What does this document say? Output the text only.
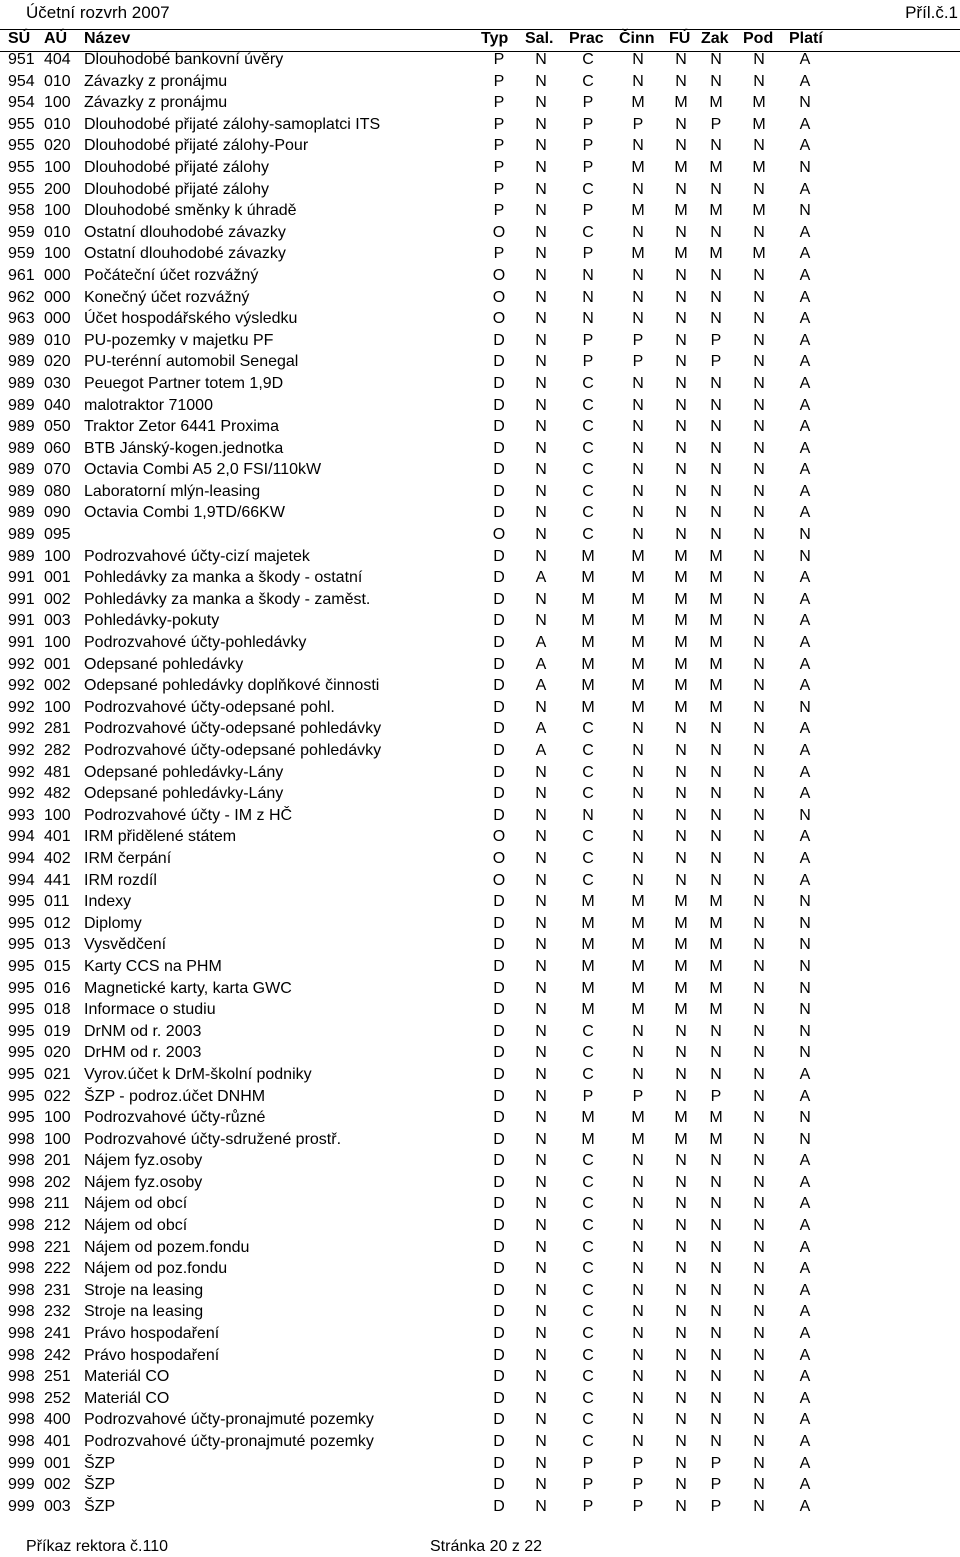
Účetní rozvrh 2007	Příl.č.1
SÚ AÚ Název	Typ Sal. Prac Činn FÚ Zak Pod Platí
951 404 Dlouhodobé bankovní úvěry	P N C N N N N A
954 010 Závazky z pronájmu	P N C N N N N A
954 100 Závazky z pronájmu	P N P M M M M N
955 010 Dlouhodobé přijaté zálohy-samoplatci ITS	P N P P N P M A
955 020 Dlouhodobé přijaté zálohy-Pour	P N P N N N N A
955 100 Dlouhodobé přijaté zálohy	P N P M M M M N
955 200 Dlouhodobé přijaté zálohy	P N C N N N N A
958 100 Dlouhodobé směnky k úhradě	P N P M M M M N
959 010 Ostatní dlouhodobé závazky	O N C N N N N A
959 100 Ostatní dlouhodobé závazky	P N P M M M M A
961 000 Počáteční účet rozvážný	O N N N N N N A
962 000 Konečný účet rozvážný	O N N N N N N A
963 000 Účet hospodářského výsledku	O N N N N N N A
989 010 PU-pozemky v majetku PF	D N P P N P N A
989 020 PU-terénní automobil Senegal	D N P P N P N A
989 030 Peuegot Partner totem 1,9D	D N C N N N N A
989 040 malotraktor 71000	D N C N N N N A
989 050 Traktor Zetor 6441 Proxima	D N C N N N N A
989 060 BTB Jánský-kogen.jednotka	D N C N N N N A
989 070 Octavia Combi A5 2,0 FSI/110kW	D N C N N N N A
989 080 Laboratorní mlýn-leasing	D N C N N N N A
989 090 Octavia Combi 1,9TD/66KW	D N C N N N N A
989 095	O N C N N N N N
989 100 Podrozvahové účty-cizí majetek	D N M M M M N N
991 001 Pohledávky za manka a škody - ostatní	D A M M M M N A
991 002 Pohledávky za manka a škody - zaměst.	D N M M M M N A
991 003 Pohledávky-pokuty	D N M M M M N A
991 100 Podrozvahové účty-pohledávky	D A M M M M N A
992 001 Odepsané pohledávky	D A M M M M N A
992 002 Odepsané pohledávky doplňkové činnosti	D A M M M M N A
992 100 Podrozvahové účty-odepsané pohl.	D N M M M M N N
992 281 Podrozvahové účty-odepsané pohledávky	D A C N N N N A
992 282 Podrozvahové účty-odepsané pohledávky	D A C N N N N A
992 481 Odepsané pohledávky-Lány	D N C N N N N A
992 482 Odepsané pohledávky-Lány	D N C N N N N A
993 100 Podrozvahové účty - IM z HČ	D N N N N N N N
994 401 IRM přidělené státem	O N C N N N N A
994 402 IRM čerpání	O N C N N N N A
994 441 IRM rozdíl	O N C N N N N A
995 011 Indexy	D N M M M M N N
995 012 Diplomy	D N M M M M N N
995 013 Vysvědčení	D N M M M M N N
995 015 Karty CCS na PHM	D N M M M M N N
995 016 Magnetické karty, karta GWC	D N M M M M N N
995 018 Informace o studiu	D N M M M M N N
995 019 DrNM od r. 2003	D N C N N N N N
995 020 DrHM od r. 2003	D N C N N N N N
995 021 Vyrov.účet k DrM-školní podniky	D N C N N N N A
995 022 ŠZP - podroz.účet DNHM	D N P P N P N A
995 100 Podrozvahové účty-různé	D N M M M M N N
998 100 Podrozvahové účty-sdružené prostř.	D N M M M M N N
998 201 Nájem fyz.osoby	D N C N N N N A
998 202 Nájem fyz.osoby	D N C N N N N A
998 211 Nájem od obcí	D N C N N N N A
998 212 Nájem od obcí	D N C N N N N A
998 221 Nájem od pozem.fondu	D N C N N N N A
998 222 Nájem od poz.fondu	D N C N N N N A
998 231 Stroje na leasing	D N C N N N N A
998 232 Stroje na leasing	D N C N N N N A
998 241 Právo hospodaření	D N C N N N N A
998 242 Právo hospodaření	D N C N N N N A
998 251 Materiál CO	D N C N N N N A
998 252 Materiál CO	D N C N N N N A
998 400 Podrozvahové účty-pronajmuté pozemky	D N C N N N N A
998 401 Podrozvahové účty-pronajmuté pozemky	D N C N N N N A
999 001 ŠZP	D N P P N P N A
999 002 ŠZP	D N P P N P N A
999 003 ŠZP	D N P P N P N A
Příkaz rektora č.110	Stránka 20 z 22
